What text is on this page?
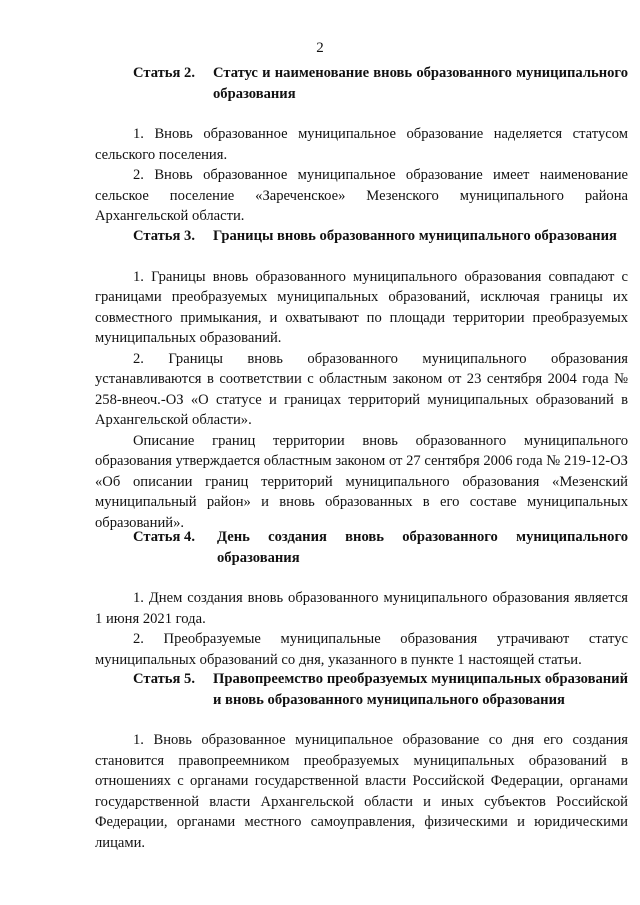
2
Статья 2. Статус и наименование вновь образованного муниципального образования

1. Вновь образованное муниципальное образование наделяется статусом сельского поселения.

2. Вновь образованное муниципальное образование имеет наименование сельское поселение «Зареченское» Мезенского муниципального района Архангельской области.

Статья 3. Границы вновь образованного муниципального образования

1. Границы вновь образованного муниципального образования совпадают с границами преобразуемых муниципальных образований, исключая границы их совместного примыкания, и охватывают по площади территории преобразуемых муниципальных образований.

2. Границы вновь образованного муниципального образования устанавливаются в соответствии с областным законом от 23 сентября 2004 года № 258-внеоч.-ОЗ «О статусе и границах территорий муниципальных образований в Архангельской области».

Описание границ территории вновь образованного муниципального образования утверждается областным законом от 27 сентября 2006 года № 219-12-ОЗ «Об описании границ территорий муниципального образования «Мезенский муниципальный район» и вновь образованных в его составе муниципальных образований».

Статья 4. День создания вновь образованного муниципального образования

1. Днем создания вновь образованного муниципального образования является 1 июня 2021 года.

2. Преобразуемые муниципальные образования утрачивают статус муниципальных образований со дня, указанного в пункте 1 настоящей статьи.

Статья 5. Правопреемство преобразуемых муниципальных образований и вновь образованного муниципального образования

1. Вновь образованное муниципальное образование со дня его создания становится правопреемником преобразуемых муниципальных образований в отношениях с органами государственной власти Российской Федерации, органами государственной власти Архангельской области и иных субъектов Российской Федерации, органами местного самоуправления, физическими и юридическими лицами.
